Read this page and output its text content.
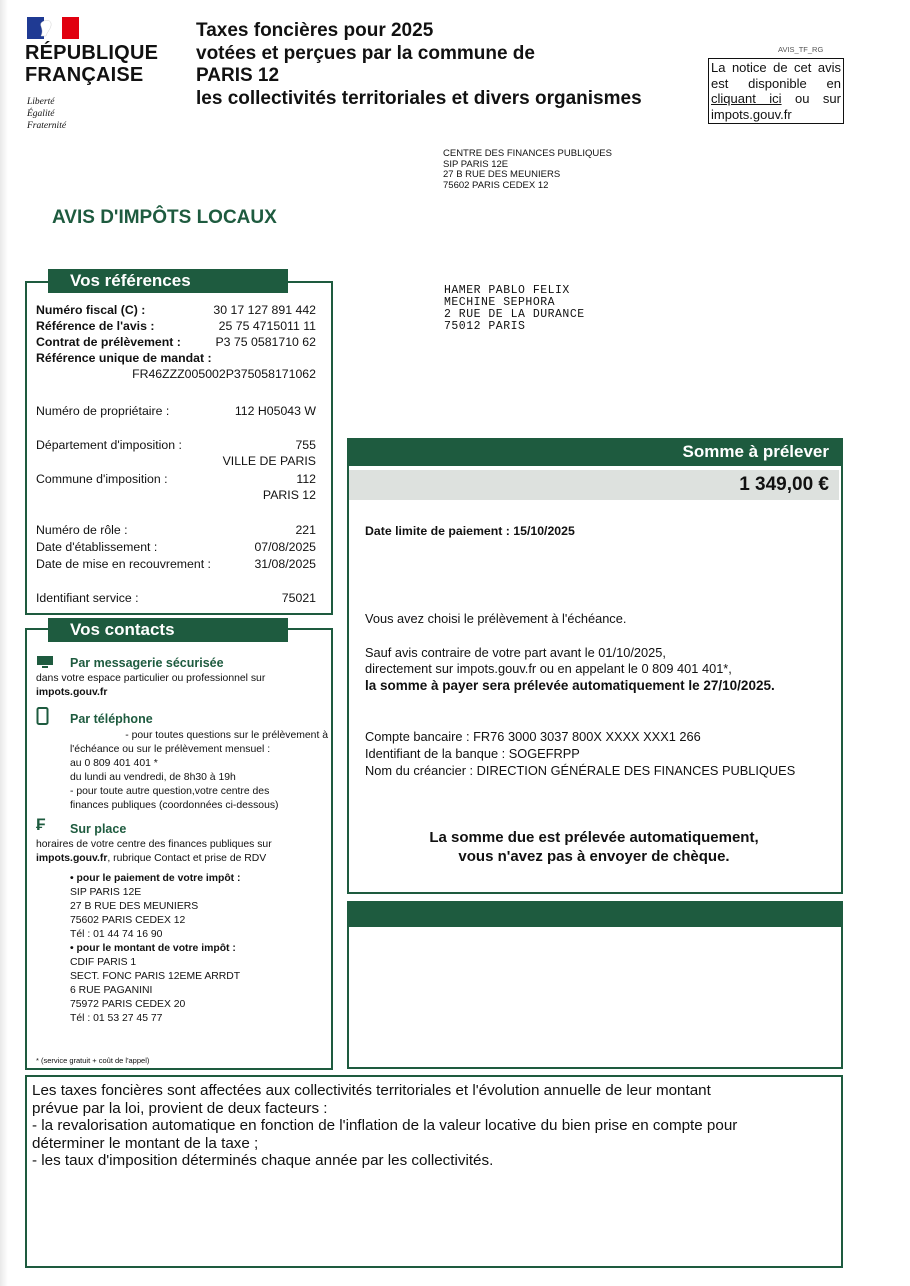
RÉPUBLIQUE
FRANÇAISE
Liberté
Égalité
Fraternité
Taxes foncières pour 2025
votées et perçues par la commune de
PARIS 12
les collectivités territoriales et divers organismes
AVIS_TF_RG
La notice de cet avis est disponible en cliquant ici ou sur impots.gouv.fr
CENTRE DES FINANCES PUBLIQUES
SIP PARIS 12E
27 B RUE DES MEUNIERS
75602 PARIS CEDEX 12
AVIS D'IMPÔTS LOCAUX
Vos références
Numéro fiscal (C) :	30 17 127 891 442
Référence de l'avis :	25 75 4715011 11
Contrat de prélèvement :	P3 75 0581710 62
Référence unique de mandat :
FR46ZZZ005002P375058171062
Numéro de propriétaire :	112 H05043 W
Département d'imposition :	755
VILLE DE PARIS
Commune d'imposition :	112
PARIS 12
Numéro de rôle :	221
Date d'établissement :	07/08/2025
Date de mise en recouvrement :	31/08/2025
Identifiant service :	75021
HAMER PABLO FELIX
MECHINE SEPHORA
2 RUE DE LA DURANCE
75012 PARIS
Vos contacts
Par messagerie sécurisée
dans votre espace particulier ou professionnel sur
impots.gouv.fr
Par téléphone
- pour toutes questions sur le prélèvement à
l'échéance ou sur le prélèvement mensuel :
au 0 809 401 401 *
du lundi au vendredi, de 8h30 à 19h
- pour toute autre question,votre centre des
finances publiques (coordonnées ci-dessous)
₣ Sur place
horaires de votre centre des finances publiques sur
impots.gouv.fr, rubrique Contact et prise de RDV
• pour le paiement de votre impôt :
SIP PARIS 12E
27 B RUE DES MEUNIERS
75602 PARIS CEDEX 12
Tél : 01 44 74 16 90
• pour le montant de votre impôt :
CDIF PARIS 1
SECT. FONC PARIS 12EME ARRDT
6 RUE PAGANINI
75972 PARIS CEDEX 20
Tél : 01 53 27 45 77
* (service gratuit + coût de l'appel)
Somme à prélever
1 349,00 €
Date limite de paiement : 15/10/2025
Vous avez choisi le prélèvement à l'échéance.
Sauf avis contraire de votre part avant le 01/10/2025,
directement sur impots.gouv.fr ou en appelant le 0 809 401 401*,
la somme à payer sera prélevée automatiquement le 27/10/2025.
Compte bancaire : FR76 3000 3037 800X XXXX XXX1 266
Identifiant de la banque : SOGEFRPP
Nom du créancier : DIRECTION GÉNÉRALE DES FINANCES PUBLIQUES
La somme due est prélevée automatiquement,
vous n'avez pas à envoyer de chèque.
Les taxes foncières sont affectées aux collectivités territoriales et l'évolution annuelle de leur montant
prévue par la loi, provient de deux facteurs :
- la revalorisation automatique en fonction de l'inflation de la valeur locative du bien prise en compte pour
déterminer le montant de la taxe ;
- les taux d'imposition déterminés chaque année par les collectivités.
